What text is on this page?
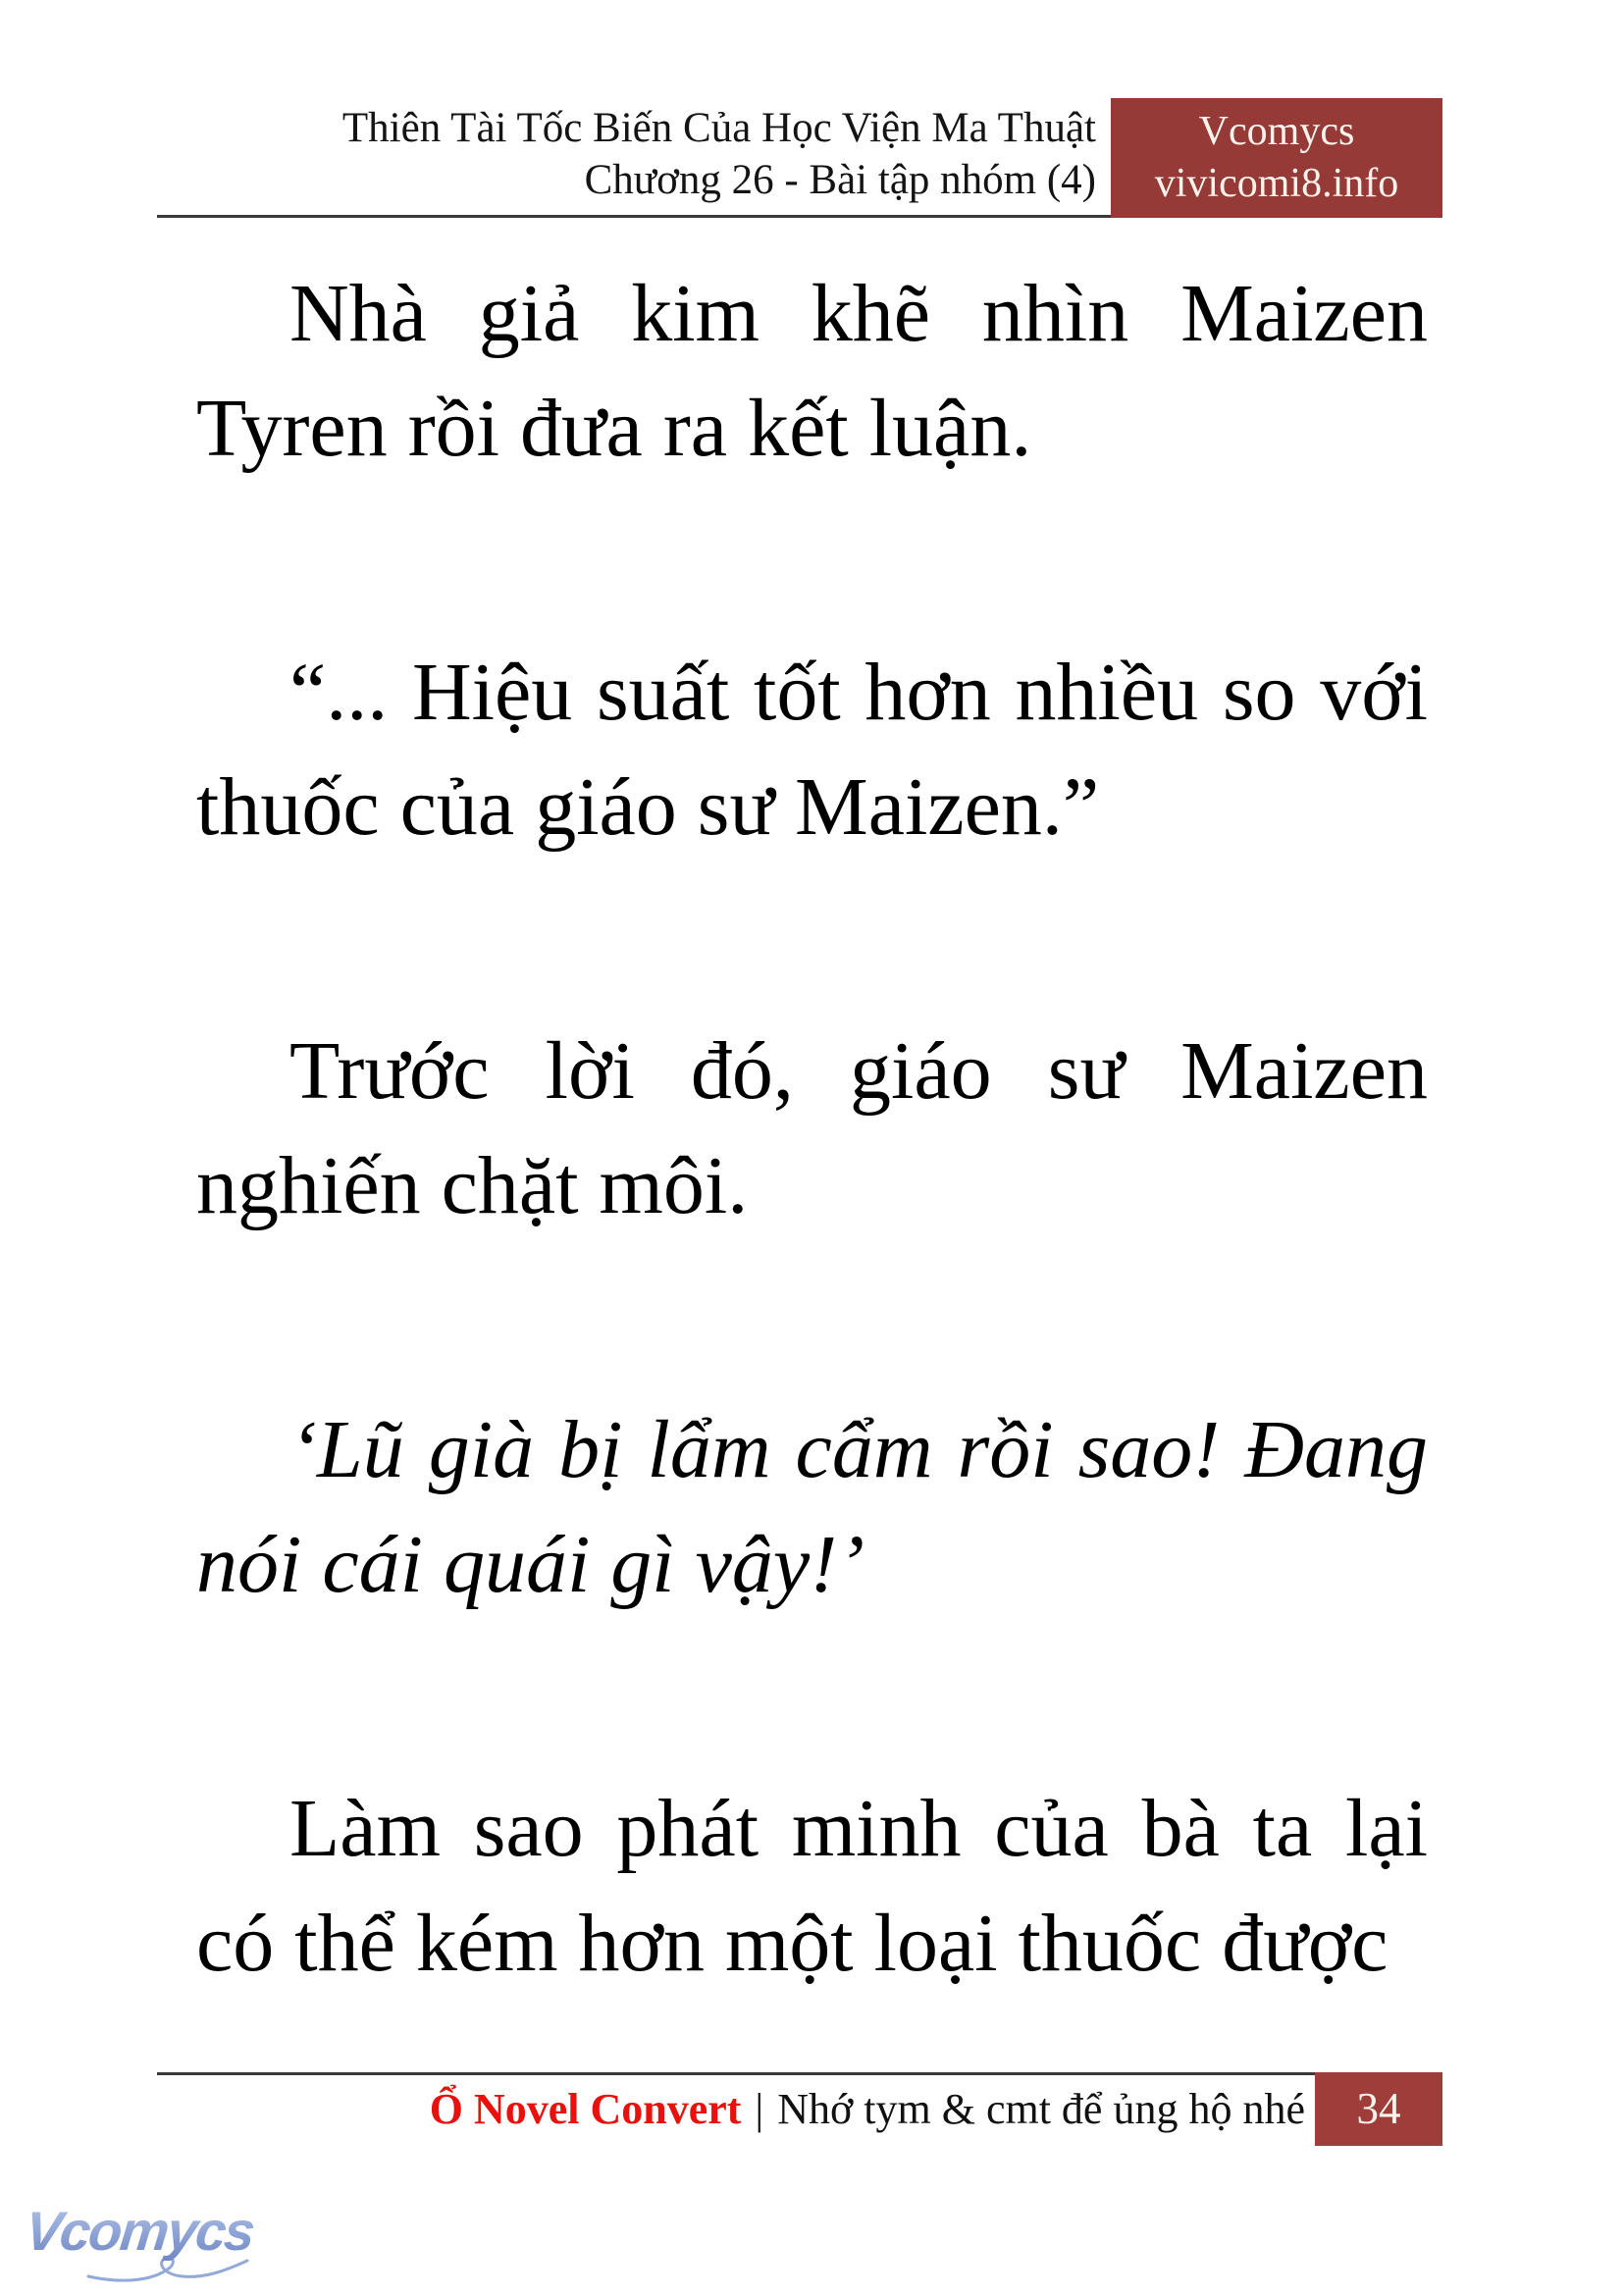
Thiên Tài Tốc Biến Của Học Viện Ma Thuật
Chương 26 - Bài tập nhóm (4)
Vcomycs
vivicomi8.info
Nhà giả kim khẽ nhìn Maizen
Tyren rồi đưa ra kết luận.
“... Hiệu suất tốt hơn nhiều so với
thuốc của giáo sư Maizen.”
Trước lời đó, giáo sư Maizen
nghiến chặt môi.
‘Lũ già bị lẩm cẩm rồi sao! Đang
nói cái quái gì vậy!’
Làm sao phát minh của bà ta lại
có thể kém hơn một loại thuốc được
Ổ Novel Convert | Nhớ tym & cmt để ủng hộ nhé	34
Vcomycs
